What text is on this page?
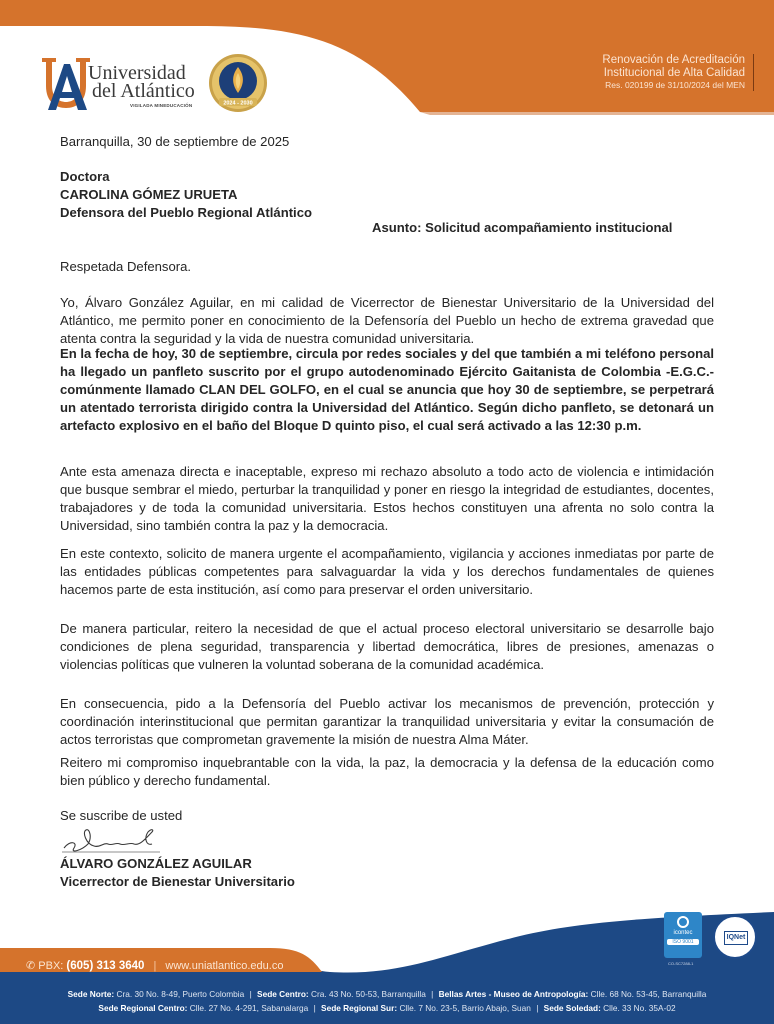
Universidad
del Atlántico
VIGILADA MINEDUCACIÓN	2024 - 2030
Renovación de Acreditación
Institucional de Alta Calidad
Res. 020199 de 31/10/2024 del MEN

Barranquilla, 30 de septiembre de 2025

Doctora
CAROLINA GÓMEZ URUETA
Defensora del Pueblo Regional Atlántico

Asunto: Solicitud acompañamiento institucional

Respetada Defensora.

Yo, Álvaro González Aguilar, en mi calidad de Vicerrector de Bienestar Universitario de la Universidad del Atlántico, me permito poner en conocimiento de la Defensoría del Pueblo un hecho de extrema gravedad que atenta contra la seguridad y la vida de nuestra comunidad universitaria.

En la fecha de hoy, 30 de septiembre, circula por redes sociales y del que también a mi teléfono personal ha llegado un panfleto suscrito por el grupo autodenominado Ejército Gaitanista de Colombia -E.G.C.- comúnmente llamado CLAN DEL GOLFO, en el cual se anuncia que hoy 30 de septiembre, se perpetrará un atentado terrorista dirigido contra la Universidad del Atlántico. Según dicho panfleto, se detonará un artefacto explosivo en el baño del Bloque D quinto piso, el cual será activado a las 12:30 p.m.

Ante esta amenaza directa e inaceptable, expreso mi rechazo absoluto a todo acto de violencia e intimidación que busque sembrar el miedo, perturbar la tranquilidad y poner en riesgo la integridad de estudiantes, docentes, trabajadores y de toda la comunidad universitaria. Estos hechos constituyen una afrenta no solo contra la Universidad, sino también contra la paz y la democracia.

En este contexto, solicito de manera urgente el acompañamiento, vigilancia y acciones inmediatas por parte de las entidades públicas competentes para salvaguardar la vida y los derechos fundamentales de quienes hacemos parte de esta institución, así como para preservar el orden universitario.

De manera particular, reitero la necesidad de que el actual proceso electoral universitario se desarrolle bajo condiciones de plena seguridad, transparencia y libertad democrática, libres de presiones, amenazas o violencias políticas que vulneren la voluntad soberana de la comunidad académica.

En consecuencia, pido a la Defensoría del Pueblo activar los mecanismos de prevención, protección y coordinación interinstitucional que permitan garantizar la tranquilidad universitaria y evitar la consumación de actos terroristas que comprometan gravemente la misión de nuestra Alma Máter.

Reitero mi compromiso inquebrantable con la vida, la paz, la democracia y la defensa de la educación como bien público y derecho fundamental.

Se suscribe de usted

ÁLVARO GONZÁLEZ AGUILAR
Vicerrector de Bienestar Universitario
icontec
ISO 9001
CO-SC7288-1
IQNet
✆ PBX: (605) 313 3640 | www.uniatlantico.edu.co
Sede Norte: Cra. 30 No. 8-49, Puerto Colombia | Sede Centro: Cra. 43 No. 50-53, Barranquilla | Bellas Artes - Museo de Antropología: Clle. 68 No. 53-45, Barranquilla
Sede Regional Centro: Clle. 27 No. 4-291, Sabanalarga | Sede Regional Sur: Clle. 7 No. 23-5, Barrio Abajo, Suan | Sede Soledad: Clle. 33 No. 35A-02
